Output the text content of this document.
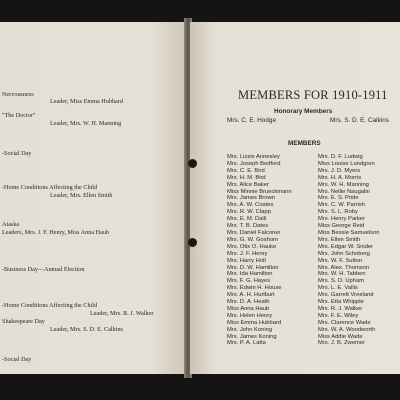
Nervousness
Leader, Miss Emma Hubbard
"The Doctor"
Leader, Mrs. W. H. Manning
-Social Day
-Home Conditions Affecting the Child
Leader, Mrs. Ellen Smith
Ataska
Leaders, Mrs. J. F. Henry, Miss Anna Haub
-Business Day—Annual Election
-Home Conditions Affecting the Child
Leader, Mrs. R. J. Walker
Shakespeare Day
Leader, Mrs. S. D. E. Calkins
-Social Day
MEMBERS FOR 1910-1911
Honorary Members
Mrs. C. E. Hodge	Mrs. S. D. E. Calkins
MEMBERS
Mrs. Lizzie Annesley
Mrs. Joseph Bedford
Mrs. C. E. Bird
Mrs. H. M. Bird
Mrs. Alice Baker
Miss Minnie Brueckmann
Mrs. James Brown
Mrs. A. W. Coates
Mrs. R. W. Clapp
Mrs. E. M. Dalli
Mrs. T. B. Dates
Mrs. Daniel Falconer
Mrs. G. W. Goshorn
Mrs. Otis O. Hauke
Mrs. J. F. Henry
Mrs. Harry Holt
Mrs. D. W. Hamilton
Mrs. Ida Hamilton
Mrs. F. G. Hayes
Mrs. Edwin H. House
Mrs. A. H. Hurlburt
Mrs. D. A. Heath
Miss Anna Haub
Mrs. Helen Henry
Miss Emma Hubbard
Mrs. John Koning
Mrs. James Koning
Mrs. P. A. Latta
Mrs. D. F. Ludwig
Miss Louise Lundgren
Mrs. J. D. Myers
Mrs. H. A. Morris
Mrs. W. H. Manning
Mrs. Nellie Naugalin
Mrs. E. S. Pride
Mrs. C. W. Parrish
Mrs. S. L. Roby
Mrs. Henry Parker
Miss George Reid
Miss Bessie Samuelson
Mrs. Ellen Smith
Mrs. Edgar W. Snider
Mrs. John Schoberg
Mrs. W. F. Sutton
Mrs. Alex. Thomson
Mrs. W. H. Tabben
Mrs. S. D. Upham
Mrs. L. E. Vallis
Mrs. Garrett Vreeland
Mrs. Etta Whipple
Mrs. R. J. Walker
Mrs. F. E. Wiley
Mrs. Clarence Wade
Mrs. W. A. Woodworth
Miss Addie Wade
Mrs. J. B. Zwemer
